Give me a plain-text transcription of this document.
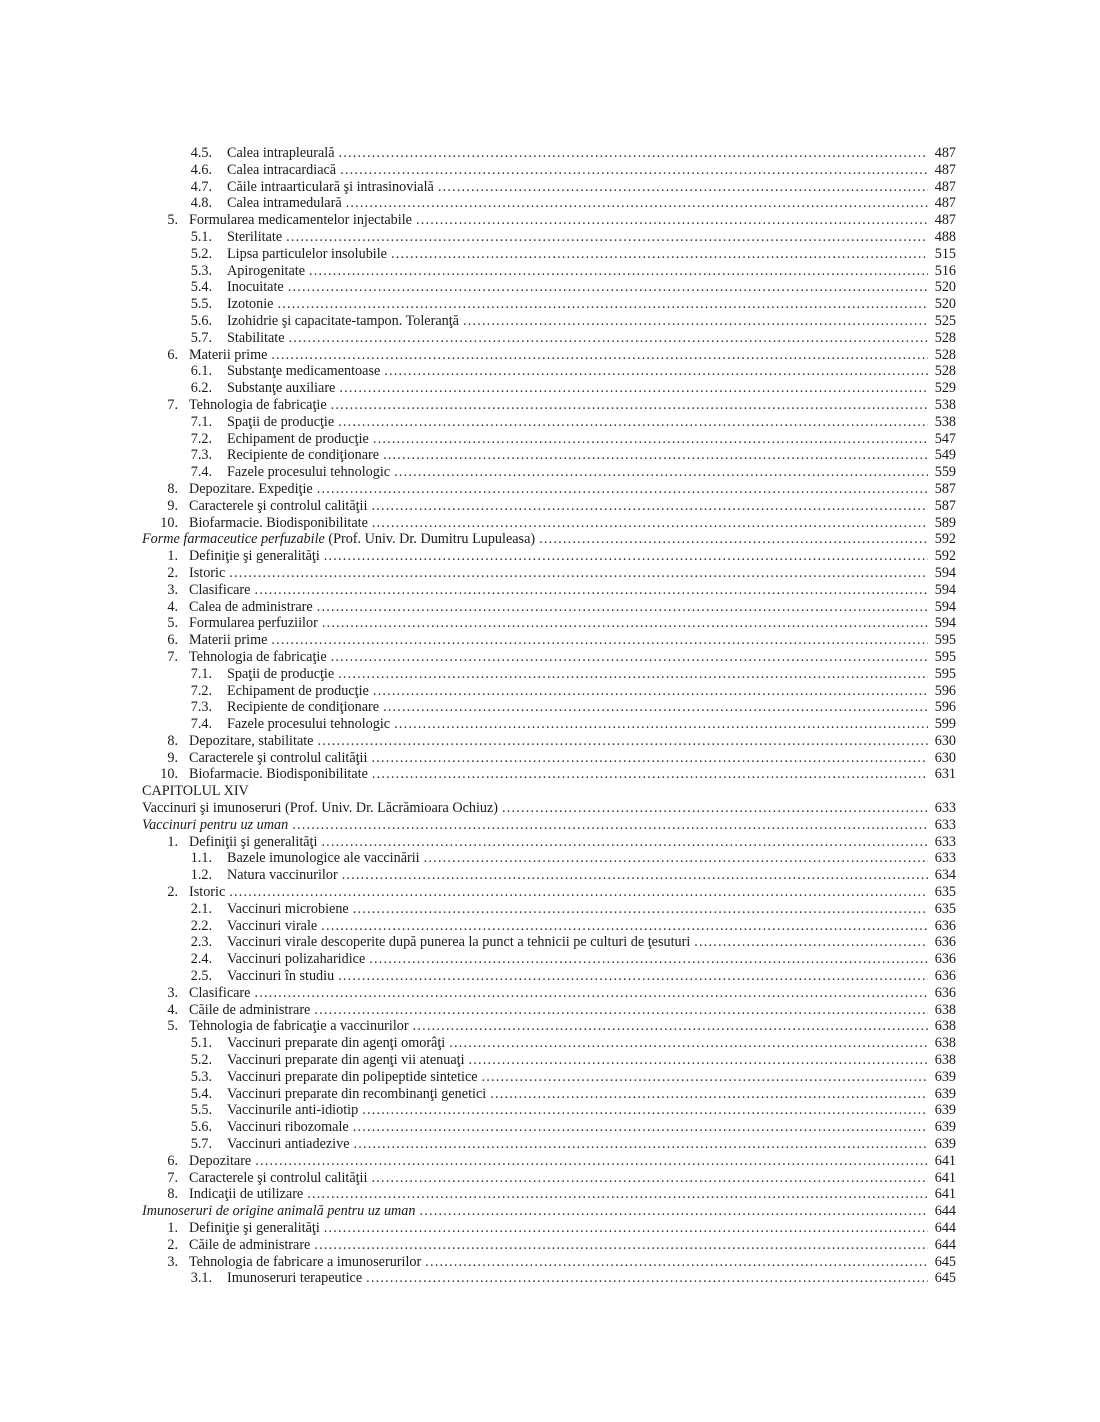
4.5.	Calea intrapleurală .....	487
4.6.	Calea intracardiacă .....	487
4.7.	Căile intraarticulară şi intrasinovială .....	487
4.8.	Calea intramedulară .....	487
5. Formularea medicamentelor injectabile .....	487
5.1.	Sterilitate .....	488
5.2.	Lipsa particulelor insolubile .....	515
5.3.	Apirogenitate .....	516
5.4.	Inocuitate .....	520
5.5.	Izotonie .....	520
5.6.	Izohidrie şi capacitate-tampon. Toleranţă .....	525
5.7.	Stabilitate .....	528
6. Materii prime .....	528
6.1.	Substanţe medicamentoase .....	528
6.2.	Substanţe auxiliare .....	529
7. Tehnologia de fabricaţie .....	538
7.1.	Spaţii de producţie .....	538
7.2.	Echipament de producţie .....	547
7.3.	Recipiente de condiţionare .....	549
7.4.	Fazele procesului tehnologic .....	559
8. Depozitare. Expediţie .....	587
9. Caracterele şi controlul calităţii .....	587
10. Biofarmacie. Biodisponibilitate .....	589
Forme farmaceutice perfuzabile (Prof. Univ. Dr. Dumitru Lupuleasa) .....	592
1. Definiţie şi generalităţi .....	592
2. Istoric .....	594
3. Clasificare .....	594
4. Calea de administrare .....	594
5. Formularea perfuziilor .....	594
6. Materii prime .....	595
7. Tehnologia de fabricaţie .....	595
7.1.	Spaţii de producţie .....	595
7.2.	Echipament de producţie .....	596
7.3.	Recipiente de condiţionare .....	596
7.4.	Fazele procesului tehnologic .....	599
8. Depozitare, stabilitate .....	630
9. Caracterele şi controlul calităţii .....	630
10. Biofarmacie. Biodisponibilitate .....	631
CAPITOLUL XIV
Vaccinuri şi imunoseruri (Prof. Univ. Dr. Lăcrămioara Ochiuz) .....	633
Vaccinuri pentru uz uman .....	633
1. Definiţii şi generalităţi .....	633
1.1.	Bazele imunologice ale vaccinării .....	633
1.2.	Natura vaccinurilor .....	634
2. Istoric .....	635
2.1.	Vaccinuri microbiene .....	635
2.2.	Vaccinuri virale .....	636
2.3.	Vaccinuri virale descoperite după punerea la punct a tehnicii pe culturi de ţesuturi .....	636
2.4.	Vaccinuri polizaharidice .....	636
2.5.	Vaccinuri în studiu .....	636
3. Clasificare .....	636
4. Căile de administrare .....	638
5. Tehnologia de fabricaţie a vaccinurilor .....	638
5.1.	Vaccinuri preparate din agenţi omorâţi .....	638
5.2.	Vaccinuri preparate din agenţi vii atenuaţi .....	638
5.3.	Vaccinuri preparate din polipeptide sintetice .....	639
5.4.	Vaccinuri preparate din recombinanţi genetici .....	639
5.5.	Vaccinurile anti-idiotip .....	639
5.6.	Vaccinuri ribozomale .....	639
5.7.	Vaccinuri antiadezive .....	639
6. Depozitare .....	641
7. Caracterele şi controlul calităţii .....	641
8. Indicaţii de utilizare .....	641
Imunoseruri de origine animală pentru uz uman .....	644
1. Definiţie şi generalităţi .....	644
2. Căile de administrare .....	644
3. Tehnologia de fabricare a imunoserurilor .....	645
3.1.	Imunoseruri terapeutice .....	645
